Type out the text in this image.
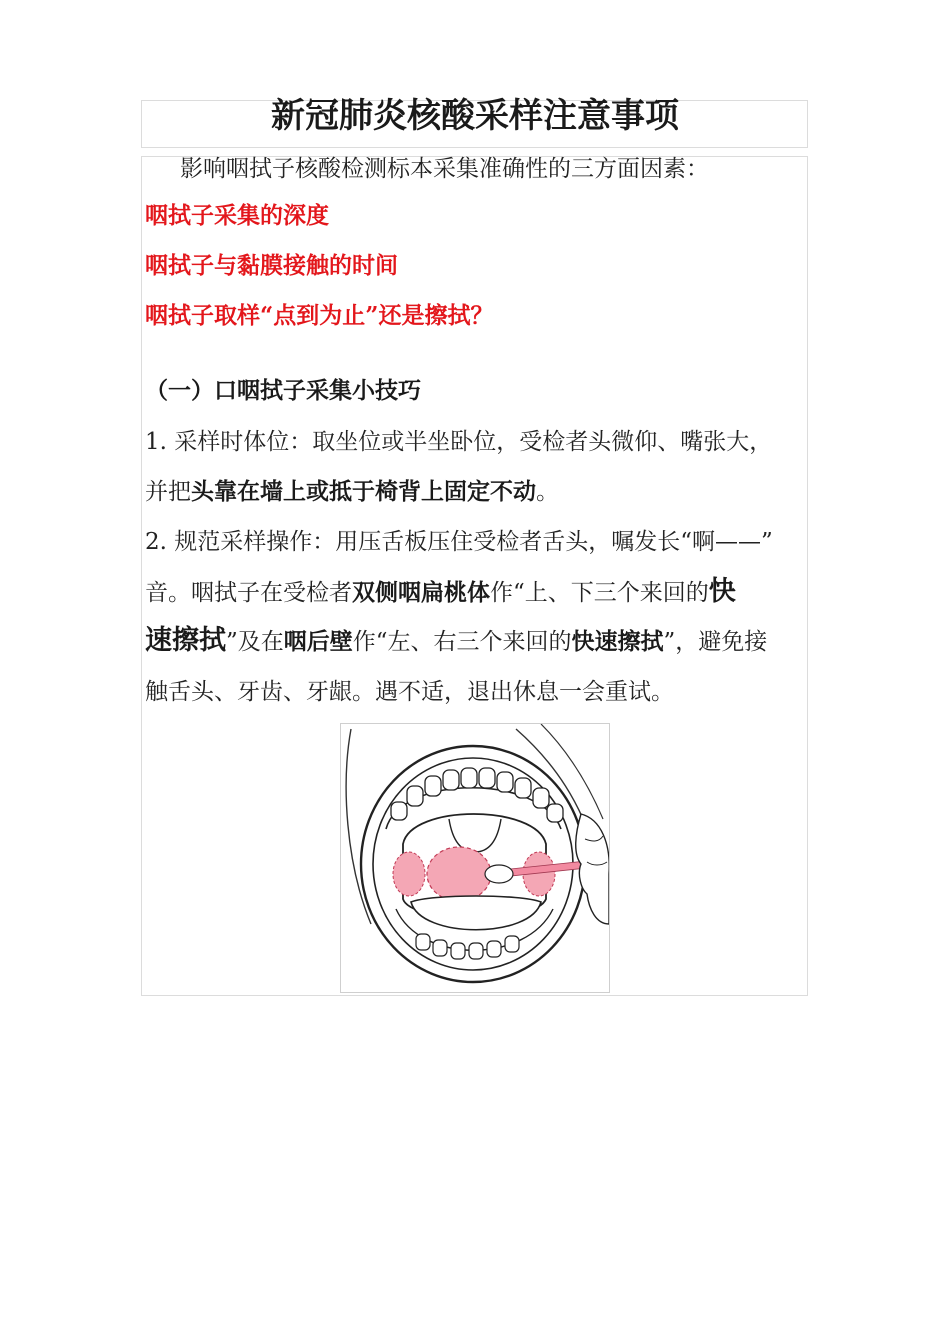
新冠肺炎核酸采样注意事项
影响咽拭子核酸检测标本采集准确性的三方面因素：
咽拭子采集的深度
咽拭子与黏膜接触的时间
咽拭子取样“点到为止”还是擦拭？
（一）口咽拭子采集小技巧
1. 采样时体位：取坐位或半坐卧位，受检者头微仰、嘴张大，
并把头靠在墙上或抵于椅背上固定不动。
2. 规范采样操作：用压舌板压住受检者舌头，嘱发长“啊——”
音。咽拭子在受检者双侧咽扁桃体作“上、下三个来回的快
速擦拭”及在咽后壁作“左、右三个来回的快速擦拭”，避免接
触舌头、牙齿、牙龈。遇不适，退出休息一会重试。
